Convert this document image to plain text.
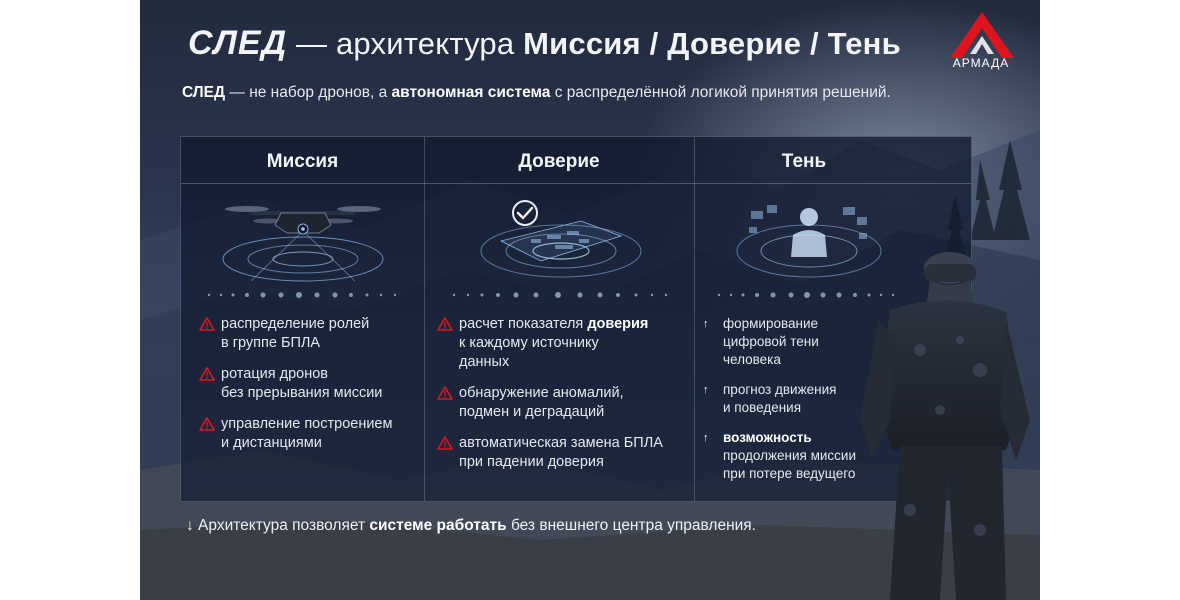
СЛЕД — архитектура Миссия / Доверие / Тень
АРМАДА
СЛЕД — не набор дронов, а автономная система с распределённой логикой принятия решений.
Миссия	Доверие	Тень
распределение ролей
в группе БПЛА
ротация дронов
без прерывания миссии
управление построением
и дистанциями
расчет показателя доверия
к каждому источнику
данных
обнаружение аномалий,
подмен и деградаций
автоматическая замена БПЛА
при падении доверия
↑ формирование
цифровой тени
человека
↑ прогноз движения
и поведения
↑ возможность
продолжения миссии
при потере ведущего
↓ Архитектура позволяет системе работать без внешнего центра управления.
